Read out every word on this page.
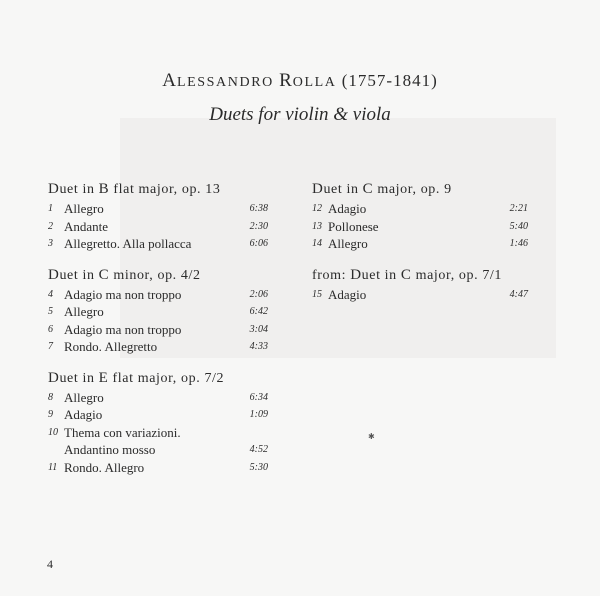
ALESSANDRO ROLLA (1757-1841)
Duets for violin & viola
Duet in B flat major, op. 13
1 Allegro	6:38
2 Andante	2:30
3 Allegretto. Alla pollacca	6:06
Duet in C minor, op. 4/2
4 Adagio ma non troppo	2:06
5 Allegro	6:42
6 Adagio ma non troppo	3:04
7 Rondo. Allegretto	4:33
Duet in E flat major, op. 7/2
8 Allegro	6:34
9 Adagio	1:09
10 Thema con variazioni.
Andantino mosso	4:52
11 Rondo. Allegro	5:30
Duet in C major, op. 9
12 Adagio	2:21
13 Pollonese	5:40
14 Allegro	1:46
from: Duet in C major, op. 7/1
15 Adagio	4:47
✱
4
